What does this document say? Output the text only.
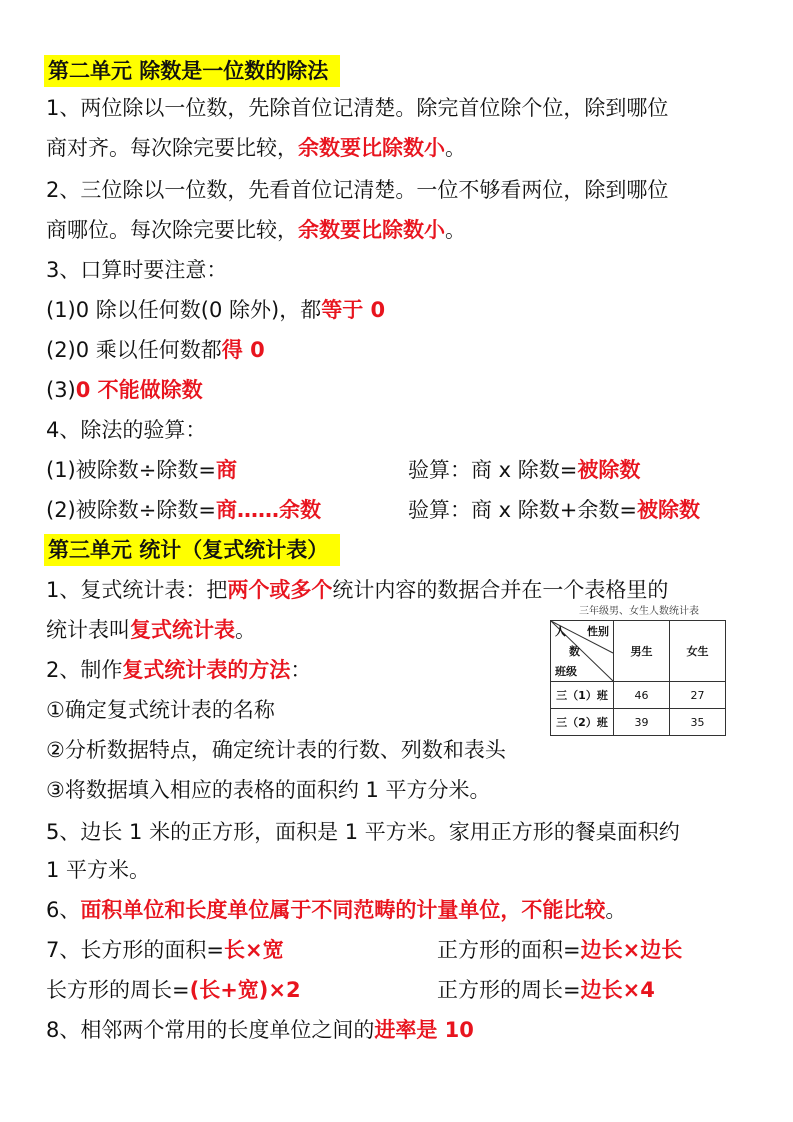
第二单元 除数是一位数的除法
1、两位除以一位数，先除首位记清楚。除完首位除个位，除到哪位
商对齐。每次除完要比较，余数要比除数小。
2、三位除以一位数，先看首位记清楚。一位不够看两位，除到哪位
商哪位。每次除完要比较，余数要比除数小。
3、口算时要注意：
(1)0 除以任何数(0 除外)，都等于 0
(2)0 乘以任何数都得 0
(3)0 不能做除数
4、除法的验算：
(1)被除数÷除数=商	验算：商 x 除数=被除数
(2)被除数÷除数=商……余数	验算：商 x 除数+余数=被除数
第三单元 统计（复式统计表）
1、复式统计表：把两个或多个统计内容的数据合并在一个表格里的
统计表叫复式统计表。
2、制作复式统计表的方法：
①确定复式统计表的名称
②分析数据特点，确定统计表的行数、列数和表头
③将数据填入相应的表格的面积约 1 平方分米。
5、边长 1 米的正方形，面积是 1 平方米。家用正方形的餐桌面积约
1 平方米。
6、面积单位和长度单位属于不同范畴的计量单位，不能比较。
7、长方形的面积=长×宽	正方形的面积=边长×边长
长方形的周长=(长+宽)×2	正方形的周长=边长×4
8、相邻两个常用的长度单位之间的进率是 10
三年级男、女生人数统计表
人 性别
数
班级	男生	女生
三（1）班	46	27
三（2）班	39	35
